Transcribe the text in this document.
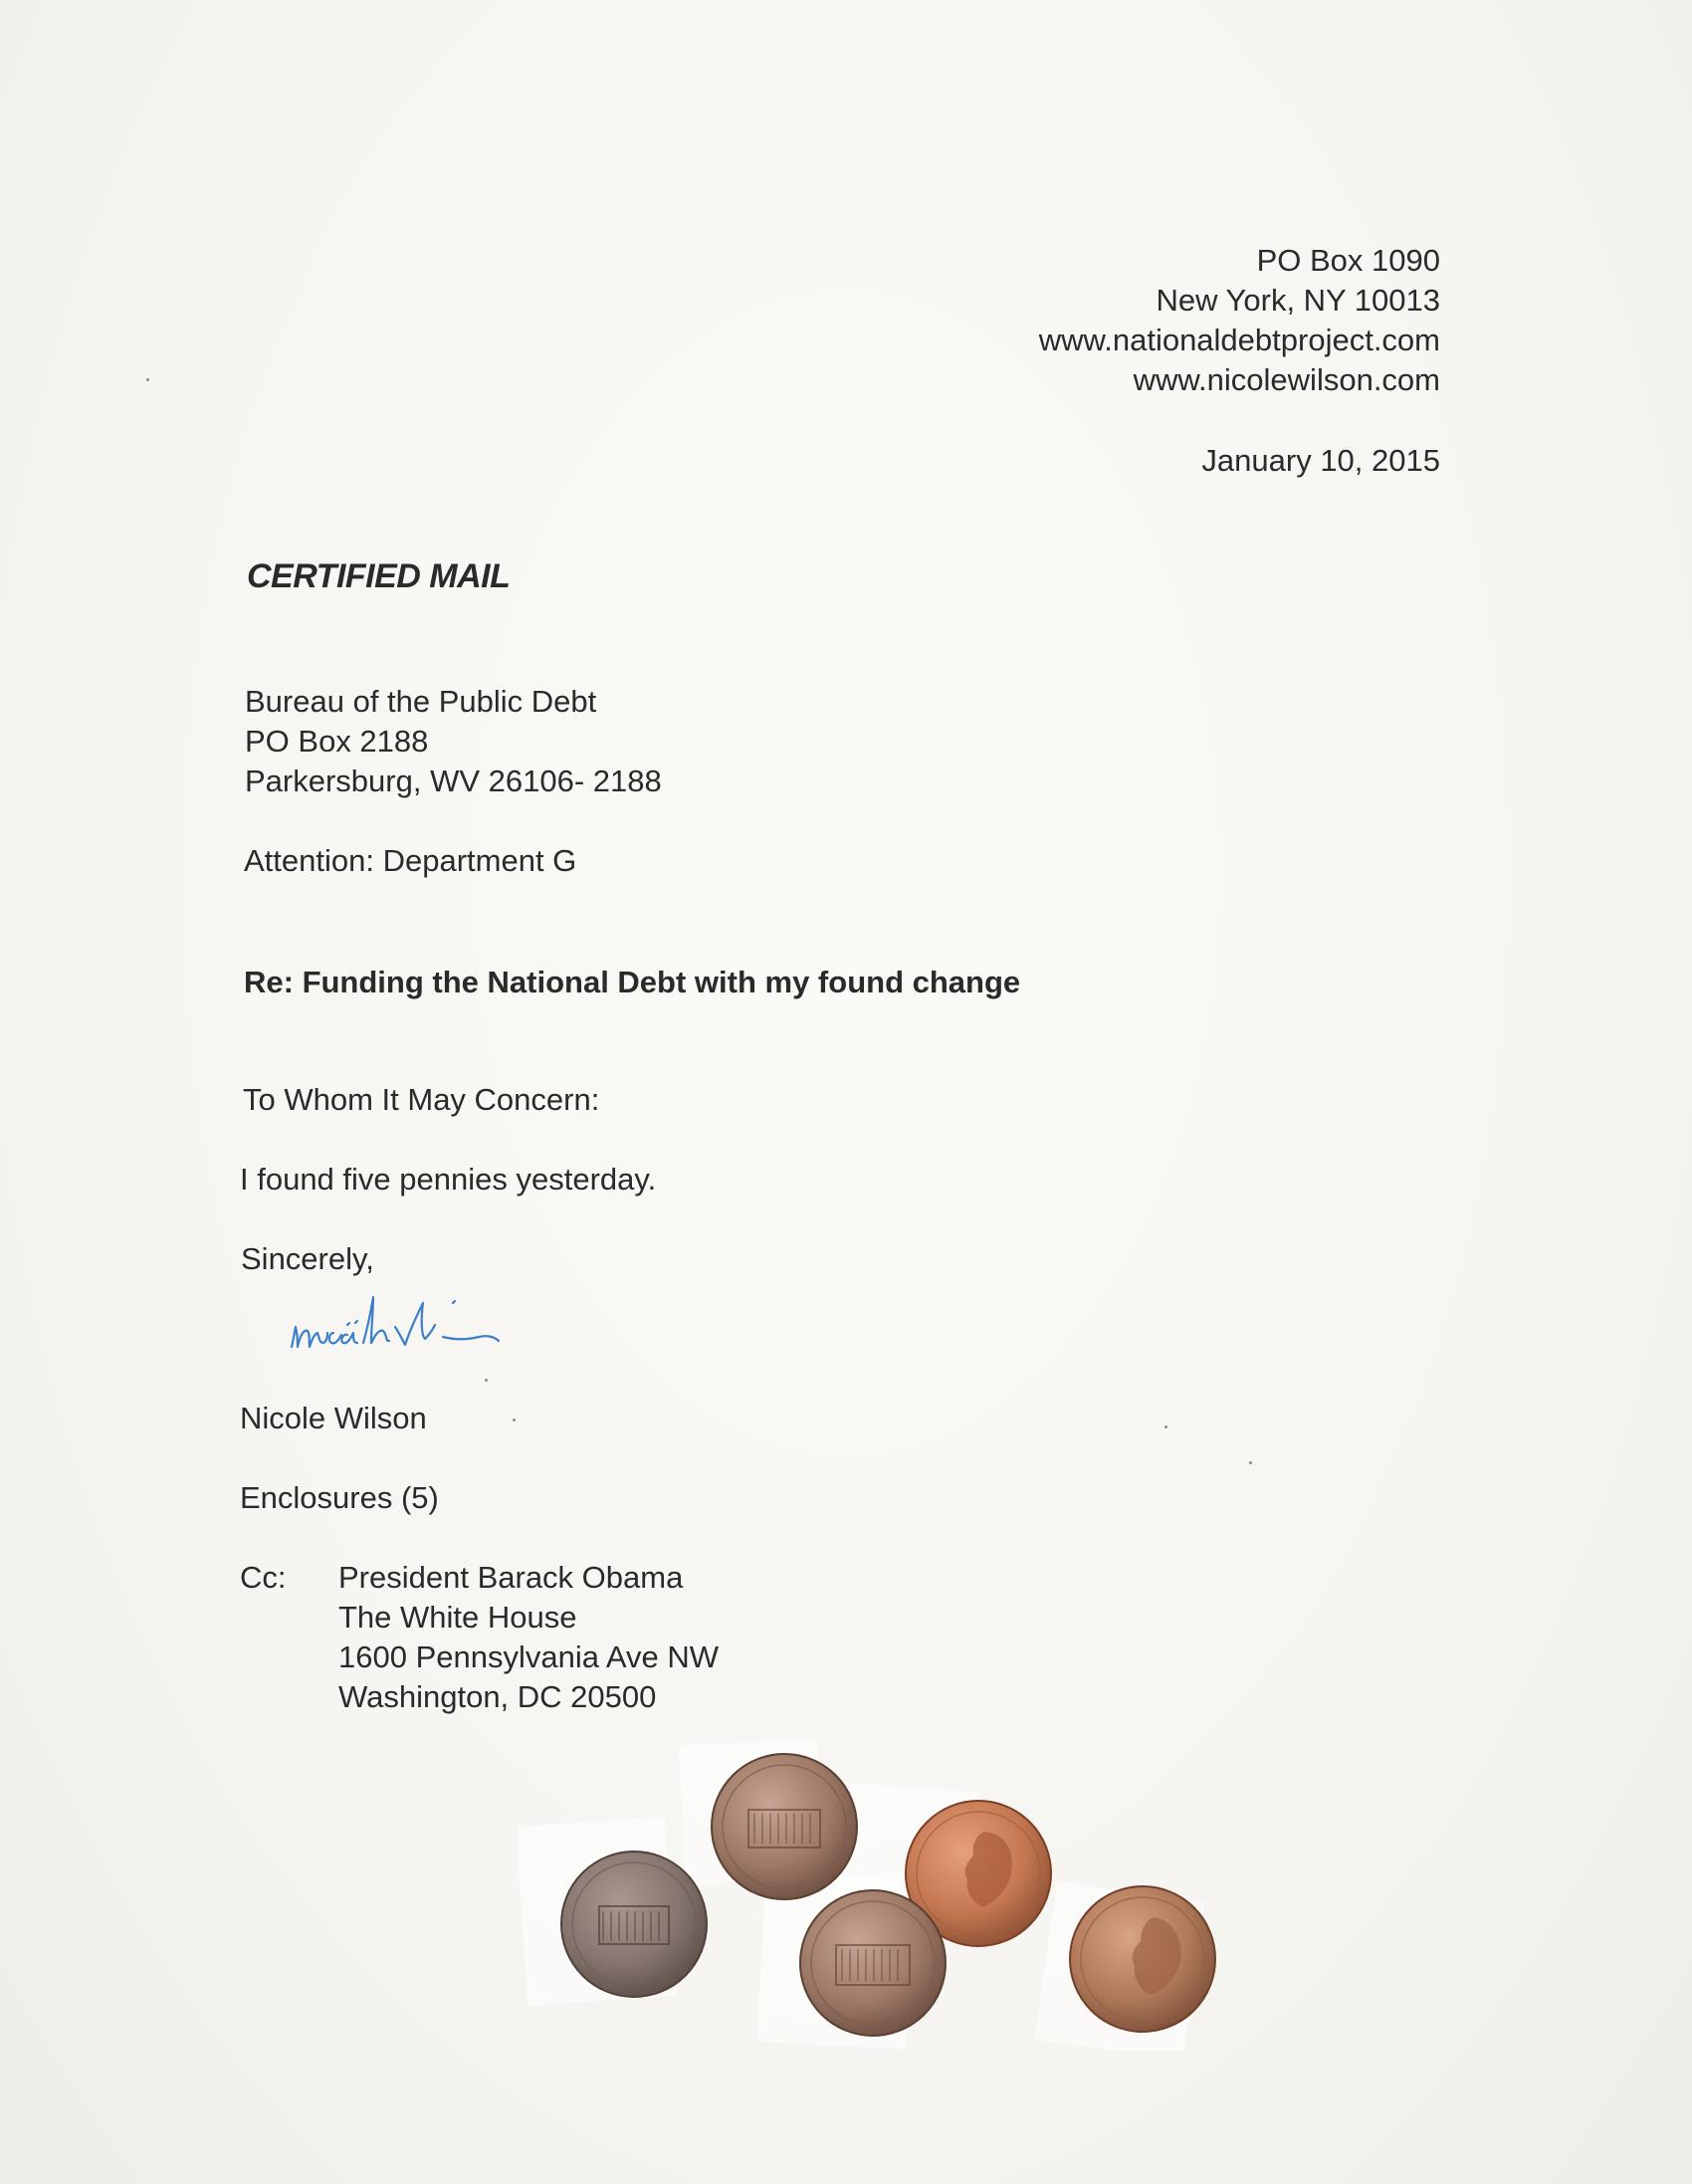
PO Box 1090
New York, NY 10013
www.nationaldebtproject.com
www.nicolewilson.com
January 10, 2015
CERTIFIED MAIL
Bureau of the Public Debt
PO Box 2188
Parkersburg, WV 26106- 2188
Attention: Department G
Re: Funding the National Debt with my found change
To Whom It May Concern:
I found five pennies yesterday.
Sincerely,
Nicole Wilson
Enclosures (5)
Cc: President Barack Obama
The White House
1600 Pennsylvania Ave NW
Washington, DC 20500
